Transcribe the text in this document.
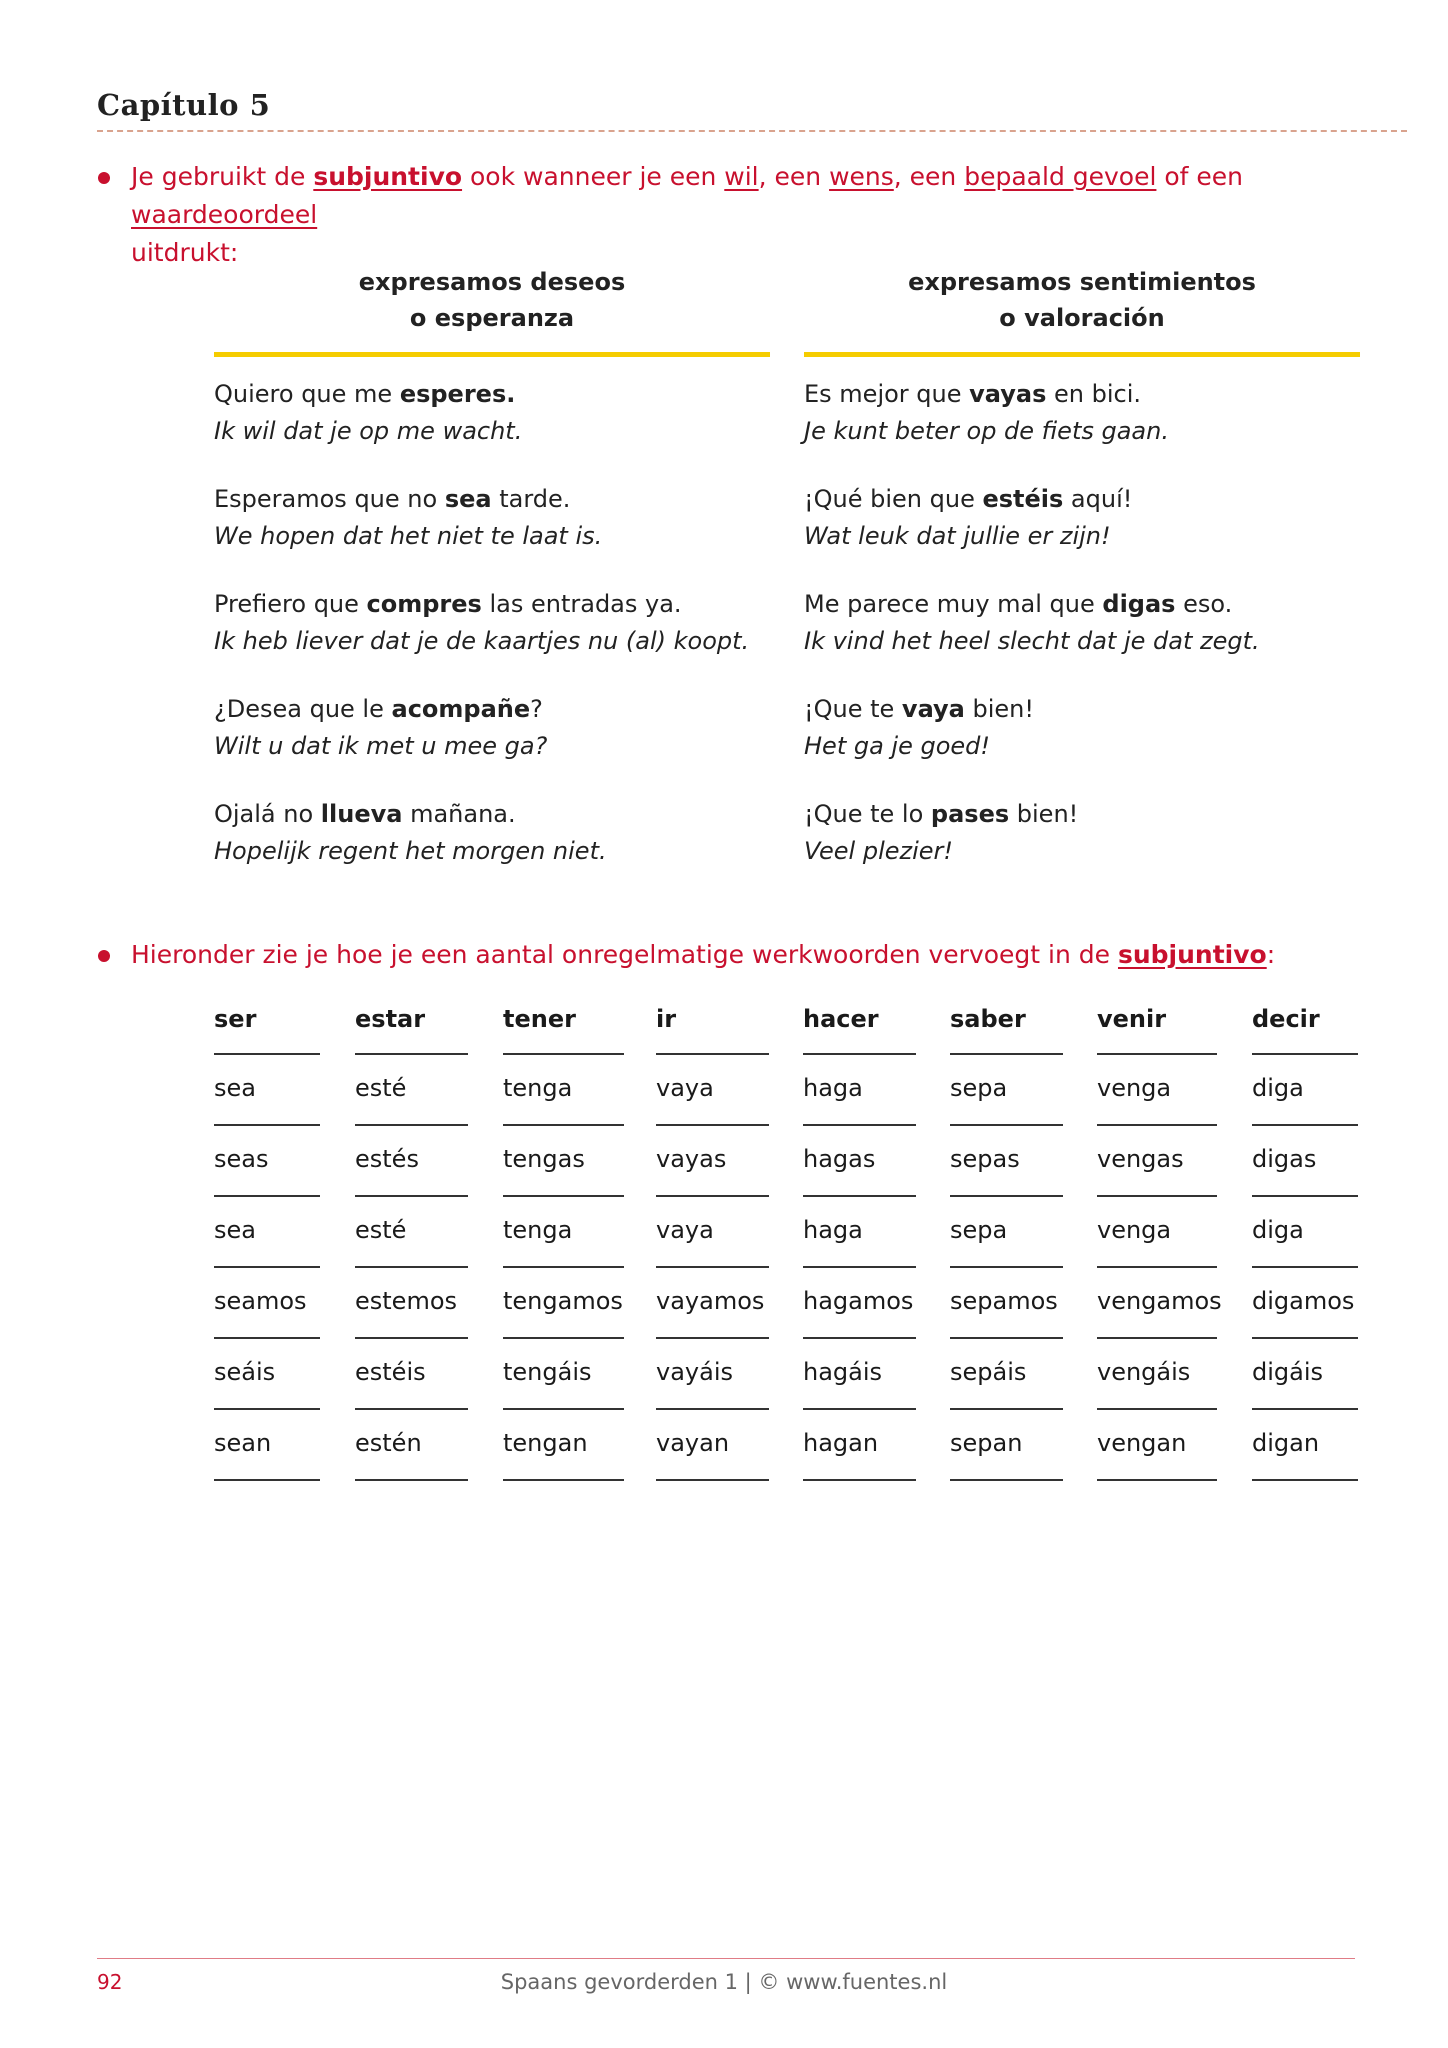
Capítulo 5
Je gebruikt de subjuntivo ook wanneer je een wil, een wens, een bepaald gevoel of een waardeoordeel
uitdrukt:
expresamos deseos
o esperanza
Quiero que me esperes.
Ik wil dat je op me wacht.
Esperamos que no sea tarde.
We hopen dat het niet te laat is.
Prefiero que compres las entradas ya.
Ik heb liever dat je de kaartjes nu (al) koopt.
¿Desea que le acompañe?
Wilt u dat ik met u mee ga?
Ojalá no llueva mañana.
Hopelijk regent het morgen niet.
expresamos sentimientos
o valoración
Es mejor que vayas en bici.
Je kunt beter op de fiets gaan.
¡Qué bien que estéis aquí!
Wat leuk dat jullie er zijn!
Me parece muy mal que digas eso.
Ik vind het heel slecht dat je dat zegt.
¡Que te vaya bien!
Het ga je goed!
¡Que te lo pases bien!
Veel plezier!
Hieronder zie je hoe je een aantal onregelmatige werkwoorden vervoegt in de subjuntivo:
ser
sea
seas
sea
seamos
seáis
sean
estar
esté
estés
esté
estemos
estéis
estén
tener
tenga
tengas
tenga
tengamos
tengáis
tengan
ir
vaya
vayas
vaya
vayamos
vayáis
vayan
hacer
haga
hagas
haga
hagamos
hagáis
hagan
saber
sepa
sepas
sepa
sepamos
sepáis
sepan
venir
venga
vengas
venga
vengamos
vengáis
vengan
decir
diga
digas
diga
digamos
digáis
digan
92	Spaans gevorderden 1 | © www.fuentes.nl
